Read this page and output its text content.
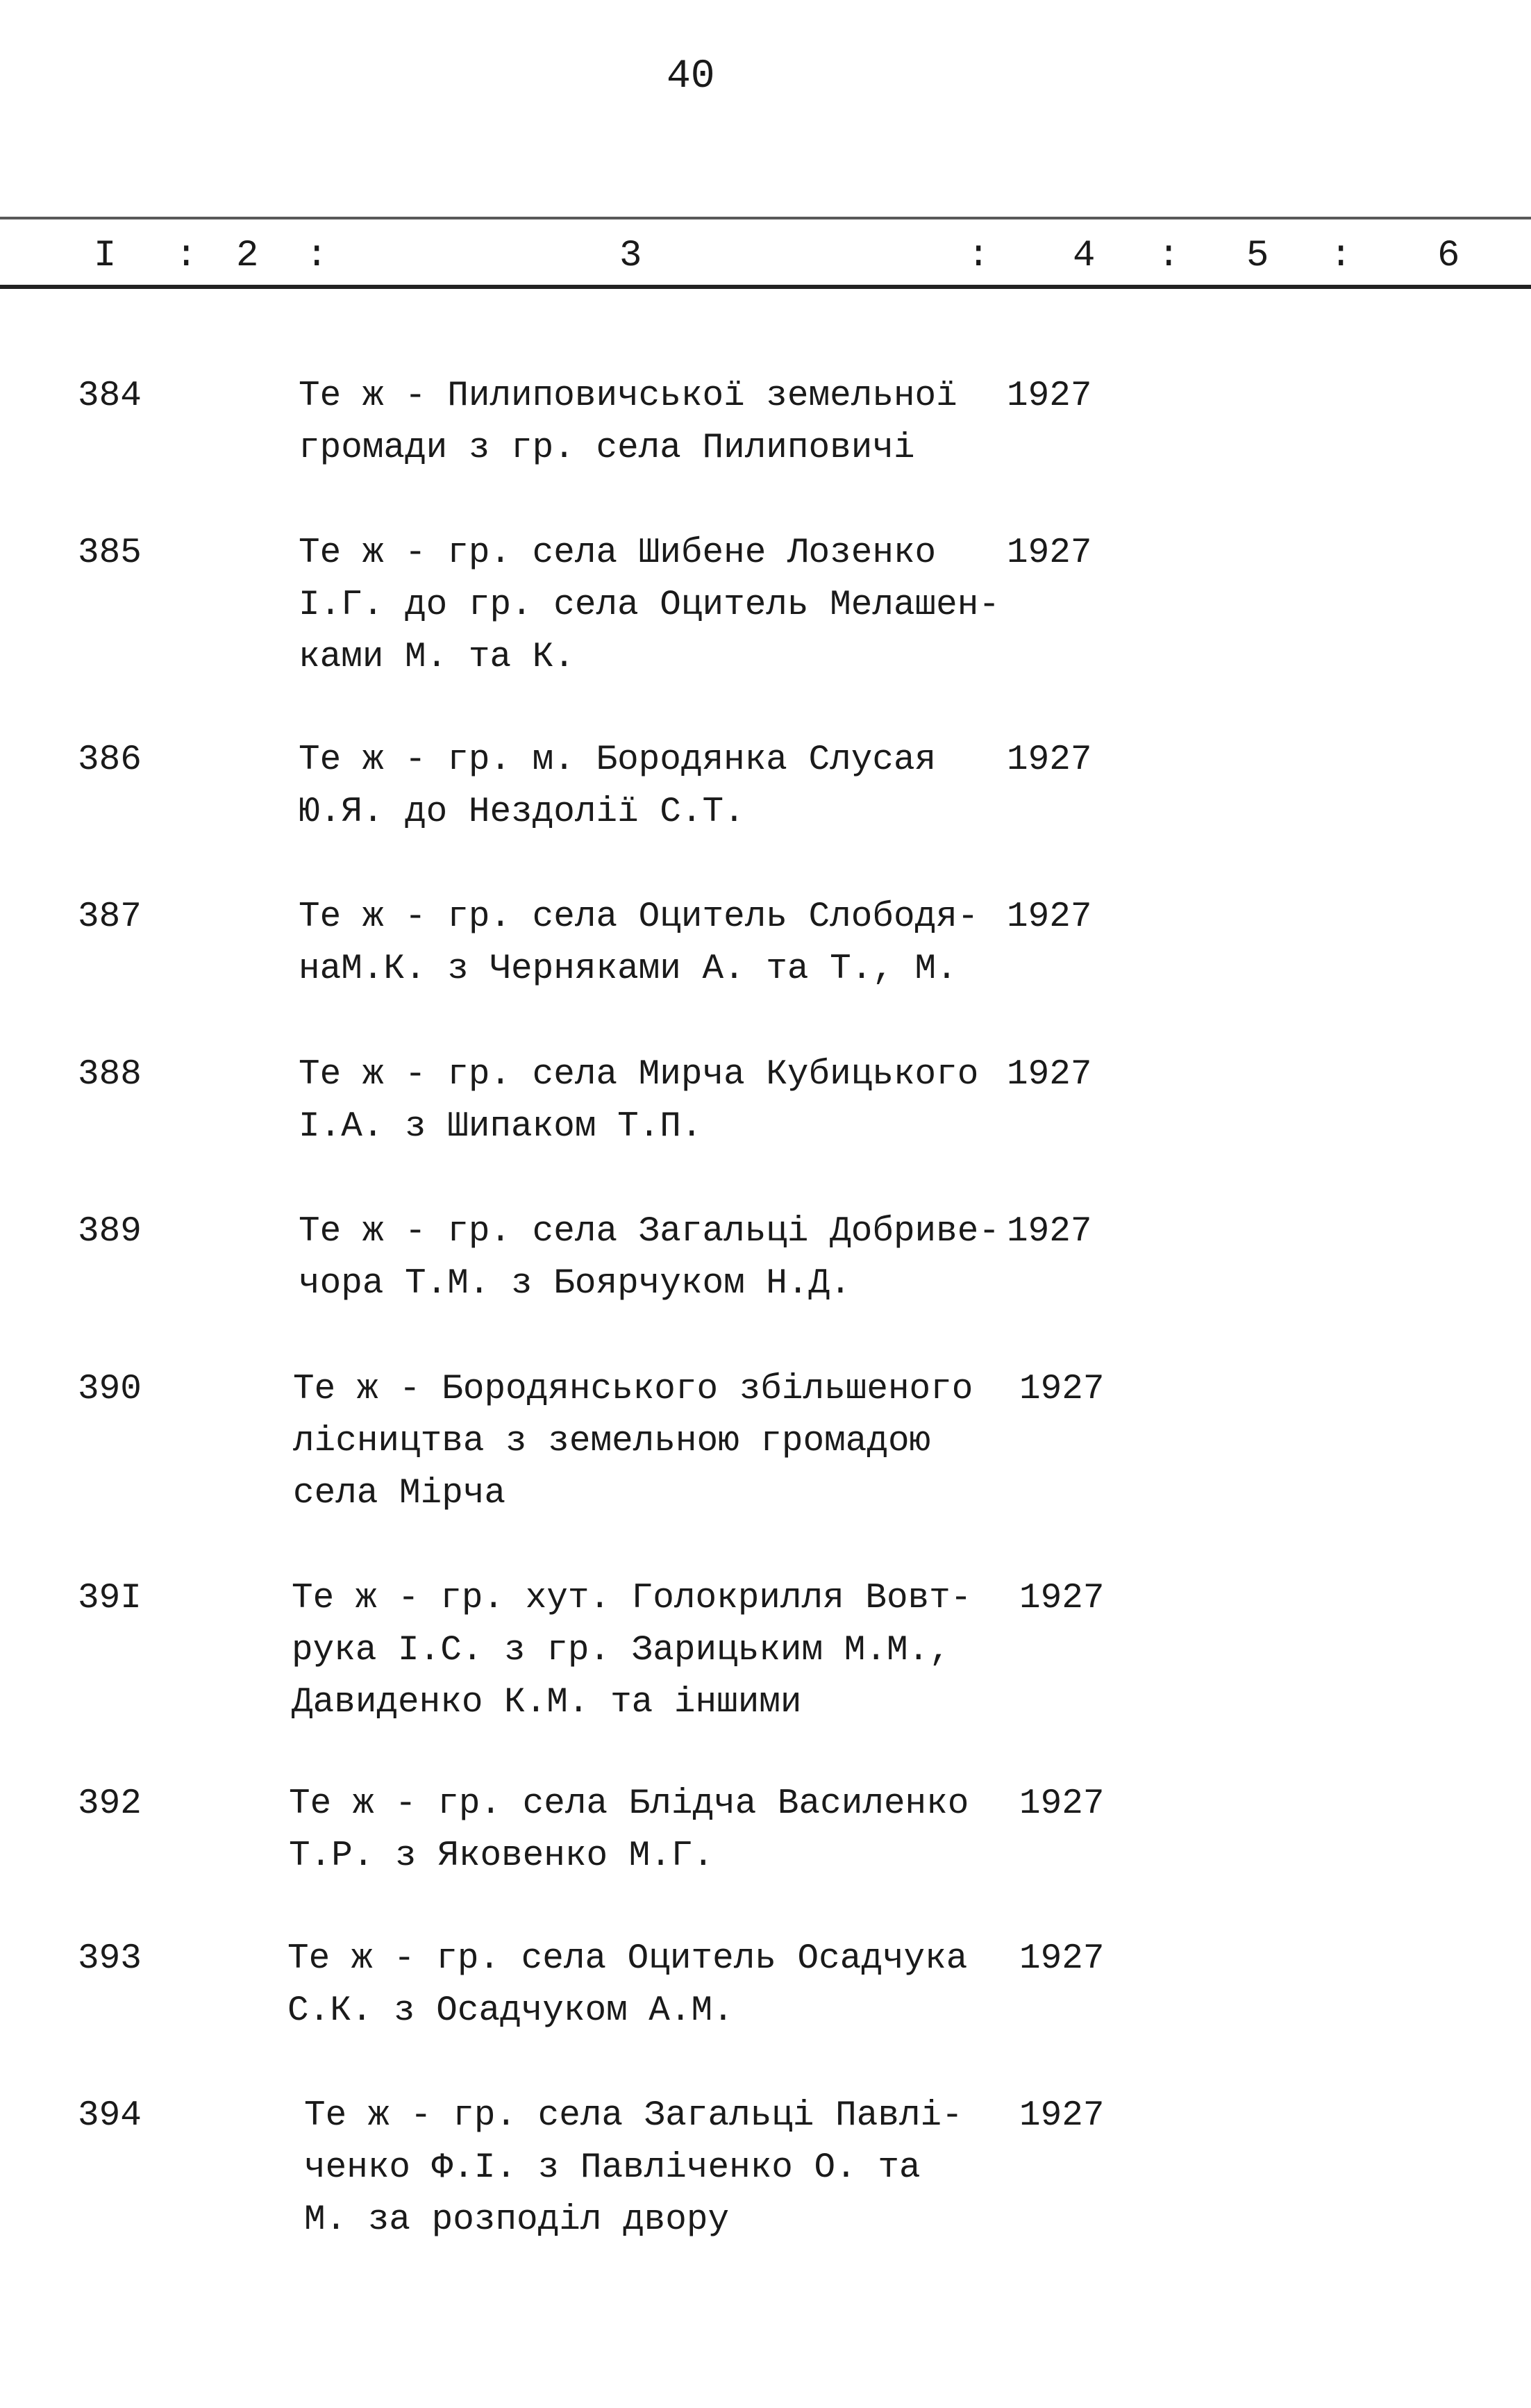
40
I : 2 :	3	: 4 : 5 : 6
384	Те ж - Пилиповичської земельної
громади з гр. села Пилиповичі
1927
385	Те ж - гр. села Шибене Лозенко
І.Г. до гр. села Оцитель Мелашен-
ками М. та К.
1927
386	Те ж - гр. м. Бородянка Слусая
Ю.Я. до Нездолії С.Т.
1927
387	Те ж - гр. села Оцитель Слободя-
наМ.К. з Черняками А. та Т., М.
1927
388	Те ж - гр. села Мирча Кубицького
І.А. з Шипаком Т.П.
1927
389	Те ж - гр. села Загальці Добриве-
чора Т.М. з Боярчуком Н.Д.
1927
390	Те ж - Бородянського збільшеного
лісництва з земельною громадою
села Мірча
1927
39I	Те ж - гр. хут. Голокрилля Вовт-
рука І.С. з гр. Зарицьким М.М.,
Давиденко К.М. та іншими
1927
392	Те ж - гр. села Блідча Василенко
Т.Р. з Яковенко М.Г.
1927
393	Те ж - гр. села Оцитель Осадчука
С.К. з Осадчуком А.М.
1927
394	Те ж - гр. села Загальці Павлі-
ченко Ф.І. з Павліченко О. та
М. за розподіл двору
1927
